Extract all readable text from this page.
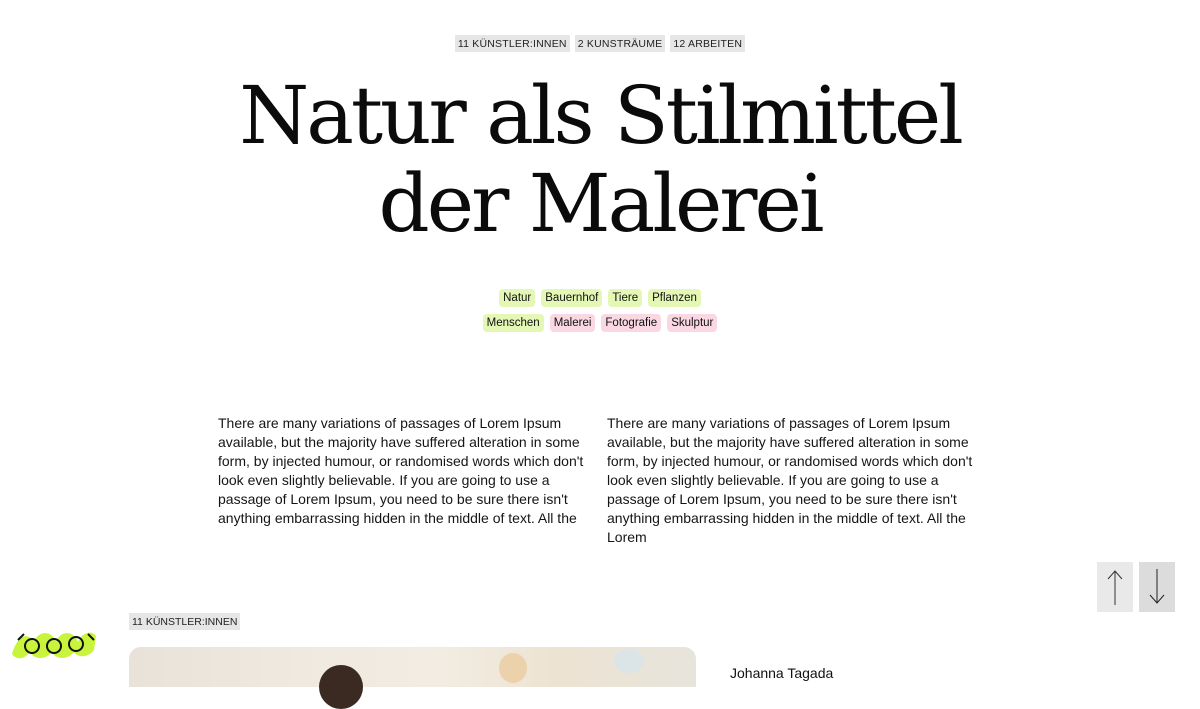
11 KÜNSTLER:INNEN 2 KUNSTRÄUME 12 ARBEITEN
Natur als Stilmittel
der Malerei
Natur	Bauernhof	Tiere	Pflanzen
Menschen	Malerei	Fotografie	Skulptur

There are many variations of passages of Lorem Ipsum available, but the majority have suffered alteration in some form, by injected humour, or randomised words which don't look even slightly believable. If you are going to use a passage of Lorem Ipsum, you need to be sure there isn't anything embarrassing hidden in the middle of text. All the

There are many variations of passages of Lorem Ipsum available, but the majority have suffered alteration in some form, by injected humour, or randomised words which don't look even slightly believable. If you are going to use a passage of Lorem Ipsum, you need to be sure there isn't anything embarrassing hidden in the middle of text. All the Lorem

11 KÜNSTLER:INNEN
Johanna Tagada
